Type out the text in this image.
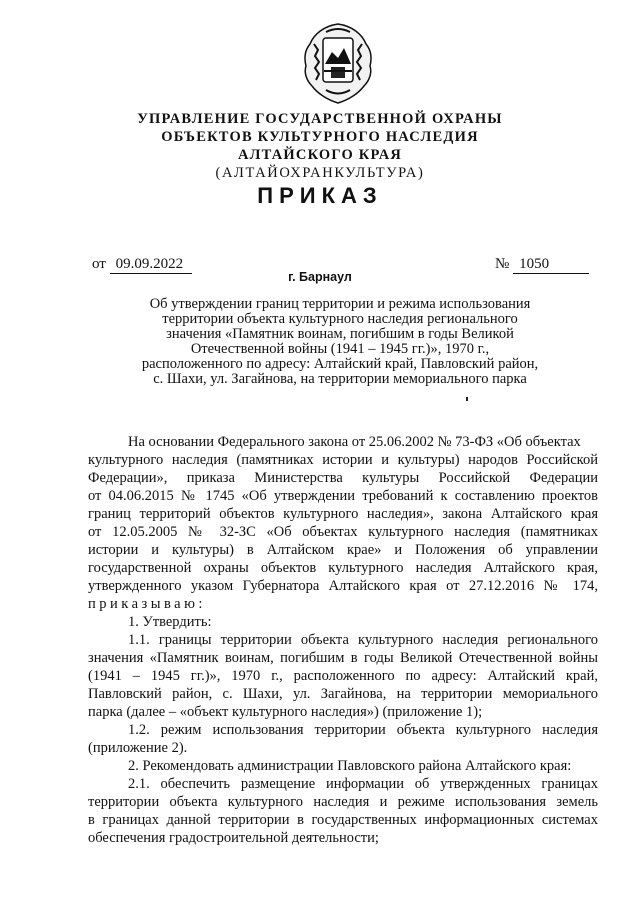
УПРАВЛЕНИЕ ГОСУДАРСТВЕННОЙ ОХРАНЫ
ОБЪЕКТОВ КУЛЬТУРНОГО НАСЛЕДИЯ
АЛТАЙСКОГО КРАЯ
(АЛТАЙОХРАНКУЛЬТУРА)
ПРИКАЗ
от 09.09.2022	№ 1050
г. Барнаул
Об утверждении границ территории и режима использования
территории объекта культурного наследия регионального
значения «Памятник воинам, погибшим в годы Великой
Отечественной войны (1941 – 1945 гг.)», 1970 г.,
расположенного по адресу: Алтайский край, Павловский район,
с. Шахи, ул. Загайнова, на территории мемориального парка
На основании Федерального закона от 25.06.2002 № 73-ФЗ «Об объектах
культурного наследия (памятниках истории и культуры) народов Российской
Федерации», приказа Министерства культуры Российской Федерации
от 04.06.2015 № 1745 «Об утверждении требований к составлению проектов
границ территорий объектов культурного наследия», закона Алтайского края
от 12.05.2005 № 32-ЗС «Об объектах культурного наследия (памятниках
истории и культуры) в Алтайском крае» и Положения об управлении
государственной охраны объектов культурного наследия Алтайского края,
утвержденного указом Губернатора Алтайского края от 27.12.2016 № 174,
приказываю:
1. Утвердить:
1.1. границы территории объекта культурного наследия регионального
значения «Памятник воинам, погибшим в годы Великой Отечественной войны
(1941 – 1945 гг.)», 1970 г., расположенного по адресу: Алтайский край,
Павловский район, с. Шахи, ул. Загайнова, на территории мемориального
парка (далее – «объект культурного наследия») (приложение 1);
1.2. режим использования территории объекта культурного наследия
(приложение 2).
2. Рекомендовать администрации Павловского района Алтайского края:
2.1. обеспечить размещение информации об утвержденных границах
территории объекта культурного наследия и режиме использования земель
в границах данной территории в государственных информационных системах
обеспечения градостроительной деятельности;
